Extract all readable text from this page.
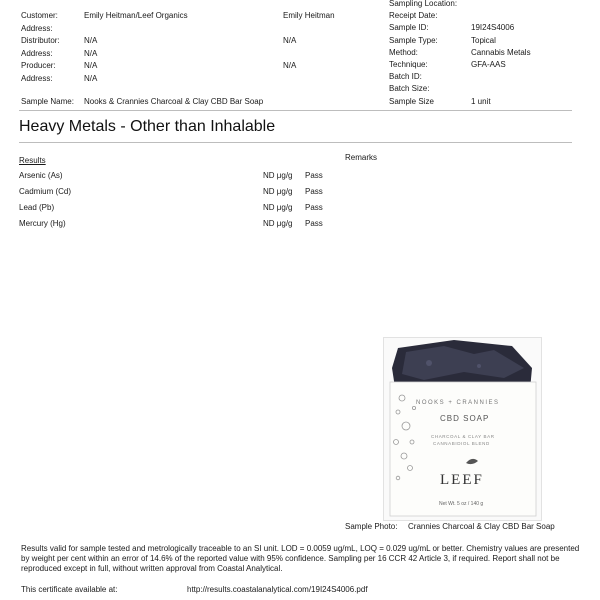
Customer:	Emily Heitman/Leef Organics	Emily Heitman
Address:
Distributor:	N/A	N/A
Address:	N/A
Producer:	N/A	N/A
Address:	N/A
Sampling Location:
Receipt Date:
Sample ID:	19I24S4006
Sample Type:	Topical
Method:	Cannabis Metals
Technique:	GFA-AAS
Batch ID:
Batch Size:
Sample Size	1 unit
Sample Name: Nooks & Crannies Charcoal & Clay CBD Bar Soap
Heavy Metals - Other than Inhalable
Results	Remarks
Arsenic (As)	ND μg/g Pass
Cadmium (Cd)	ND μg/g Pass
Lead (Pb)	ND μg/g Pass
Mercury (Hg)	ND μg/g Pass
NOOKS + CRANNIES
CBD SOAP
CHARCOAL & CLAY BAR
CANNABIDIOL BLEND
LEEF
Net Wt. 5 oz / 140 g
Sample Photo: Crannies Charcoal & Clay CBD Bar Soap
Results valid for sample tested and metrologically traceable to an SI unit. LOD = 0.0059 ug/mL, LOQ = 0.029 ug/mL or better. Chemistry values are presented by weight per cent within an error of 14.6% of the reported value with 95% confidence. Sampling per 16 CCR 42 Article 3, if required. Report shall not be reproduced except in full, without written approval from Coastal Analytical.
This certificate available at:	http://results.coastalanalytical.com/19I24S4006.pdf
